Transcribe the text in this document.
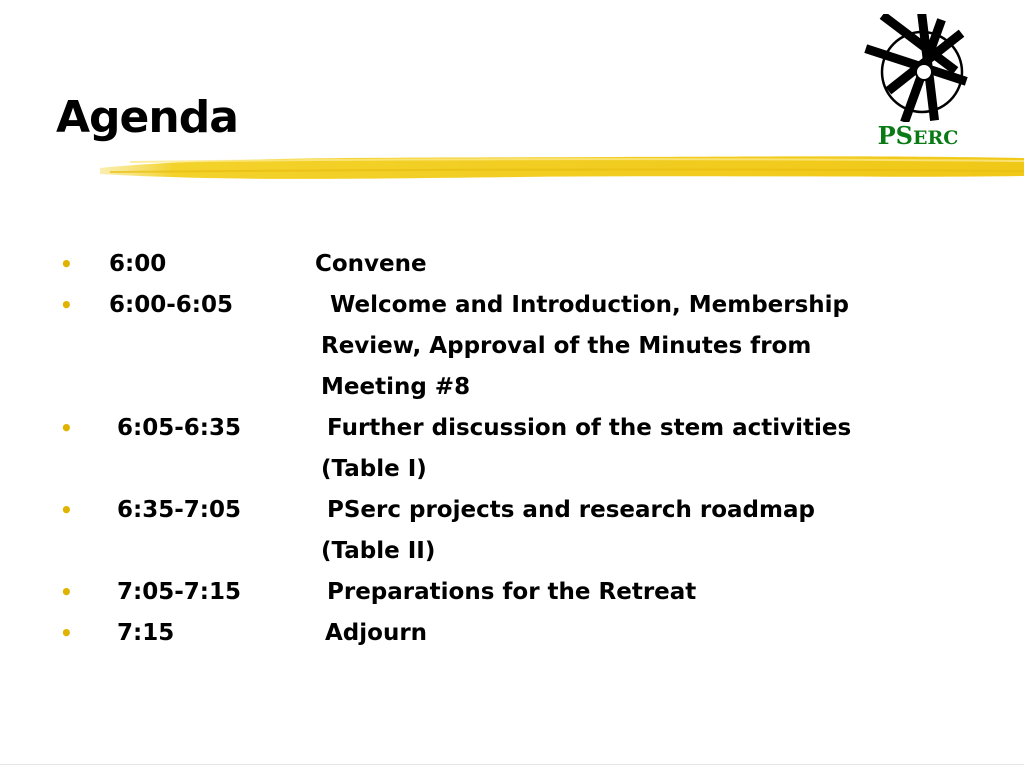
Agenda	PSERC
• 6:00	Convene
• 6:00-6:05	Welcome and Introduction, Membership
Review, Approval of the Minutes from
Meeting #8
• 6:05-6:35	Further discussion of the stem activities
(Table I)
• 6:35-7:05	PSerc projects and research roadmap
(Table II)
• 7:05-7:15	Preparations for the Retreat
• 7:15	Adjourn
